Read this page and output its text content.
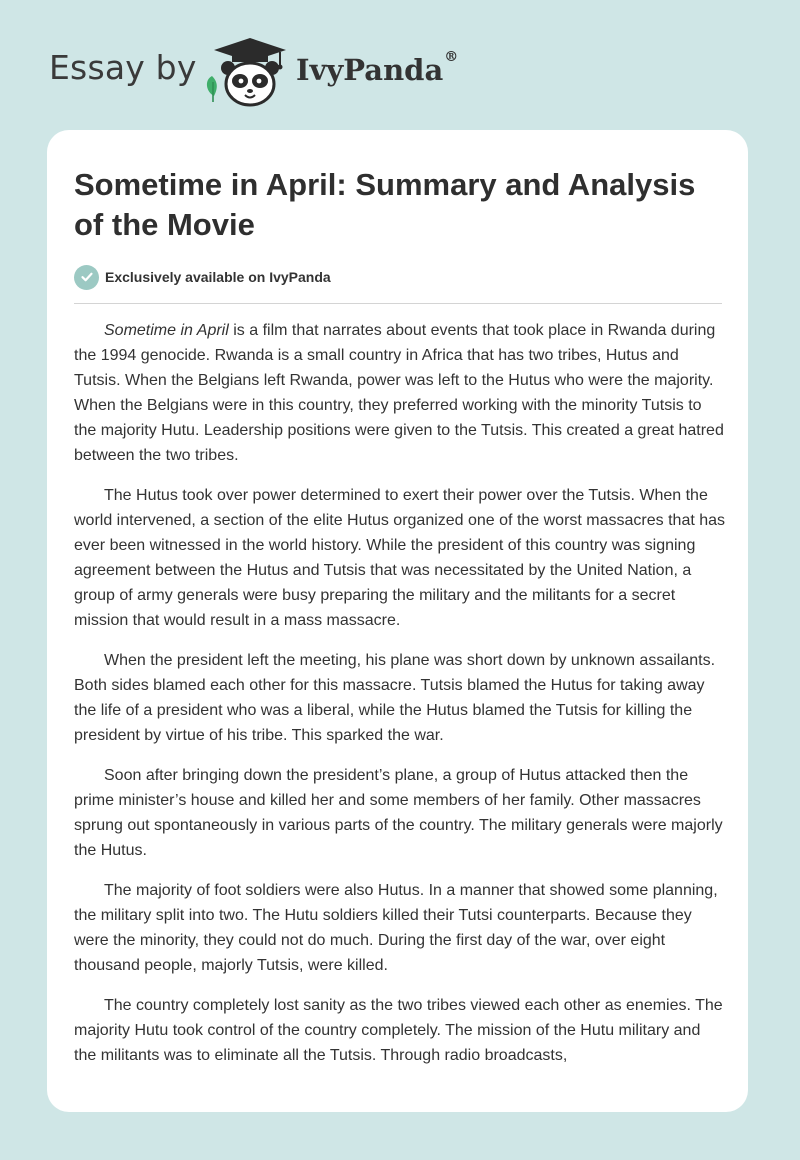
Essay by	IvyPanda®
Sometime in April: Summary and Analysis of the Movie
Exclusively available on IvyPanda

Sometime in April is a film that narrates about events that took place in Rwanda during the 1994 genocide. Rwanda is a small country in Africa that has two tribes, Hutus and Tutsis. When the Belgians left Rwanda, power was left to the Hutus who were the majority. When the Belgians were in this country, they preferred working with the minority Tutsis to the majority Hutu. Leadership positions were given to the Tutsis. This created a great hatred between the two tribes.

The Hutus took over power determined to exert their power over the Tutsis. When the world intervened, a section of the elite Hutus organized one of the worst massacres that has ever been witnessed in the world history. While the president of this country was signing agreement between the Hutus and Tutsis that was necessitated by the United Nation, a group of army generals were busy preparing the military and the militants for a secret mission that would result in a mass massacre.

When the president left the meeting, his plane was short down by unknown assailants. Both sides blamed each other for this massacre. Tutsis blamed the Hutus for taking away the life of a president who was a liberal, while the Hutus blamed the Tutsis for killing the president by virtue of his tribe. This sparked the war.

Soon after bringing down the president’s plane, a group of Hutus attacked then the prime minister’s house and killed her and some members of her family. Other massacres sprung out spontaneously in various parts of the country. The military generals were majorly the Hutus.

The majority of foot soldiers were also Hutus. In a manner that showed some planning, the military split into two. The Hutu soldiers killed their Tutsi counterparts. Because they were the minority, they could not do much. During the first day of the war, over eight thousand people, majorly Tutsis, were killed.

The country completely lost sanity as the two tribes viewed each other as enemies. The majority Hutu took control of the country completely. The mission of the Hutu military and the militants was to eliminate all the Tutsis. Through radio broadcasts,
